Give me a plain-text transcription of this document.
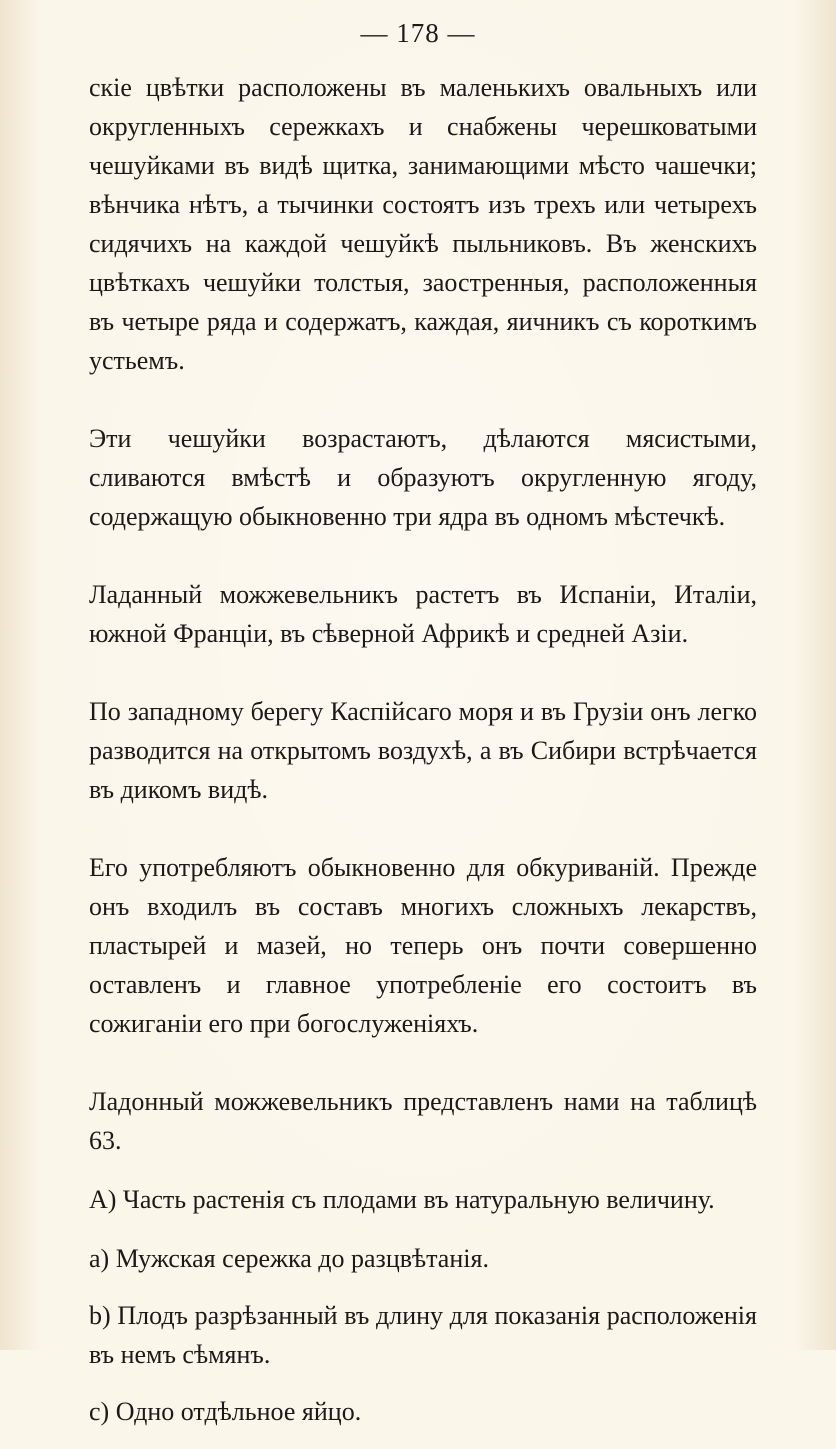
— 178 —

скіе цвѣтки расположены въ маленькихъ овальныхъ или округленныхъ сережкахъ и снабжены черешковатыми чешуйками въ видѣ щитка, занимающими мѣсто чашечки; вѣнчика нѣтъ, а тычинки состоятъ изъ трехъ или четырехъ сидячихъ на каждой чешуйкѣ пыльниковъ. Въ женскихъ цвѣткахъ чешуйки толстыя, заостренныя, расположенныя въ четыре ряда и содержатъ, каждая, яичникъ съ короткимъ устьемъ.

Эти чешуйки возрастаютъ, дѣлаются мясистыми, сливаются вмѣстѣ и образуютъ округленную ягоду, содержащую обыкновенно три ядра въ одномъ мѣстечкѣ.

Ладанный можжевельникъ растетъ въ Испаніи, Италіи, южной Франціи, въ сѣверной Африкѣ и средней Азіи.

По западному берегу Каспійсаго моря и въ Грузіи онъ легко разводится на открытомъ воздухѣ, а въ Сибири встрѣчается въ дикомъ видѣ.

Его употребляютъ обыкновенно для обкуриваній. Прежде онъ входилъ въ составъ многихъ сложныхъ лекарствъ, пластырей и мазей, но теперь онъ почти совершенно оставленъ и главное употребленіе его состоитъ въ сожиганіи его при богослуженіяхъ.

Ладонный можжевельникъ представленъ нами на таблицѣ 63.

А) Часть растенія съ плодами въ натуральную величину.

a) Мужская сережка до разцвѣтанія.

b) Плодъ разрѣзанный въ длину для показанія расположенія въ немъ сѣмянъ.

c) Одно отдѣльное яйцо.
